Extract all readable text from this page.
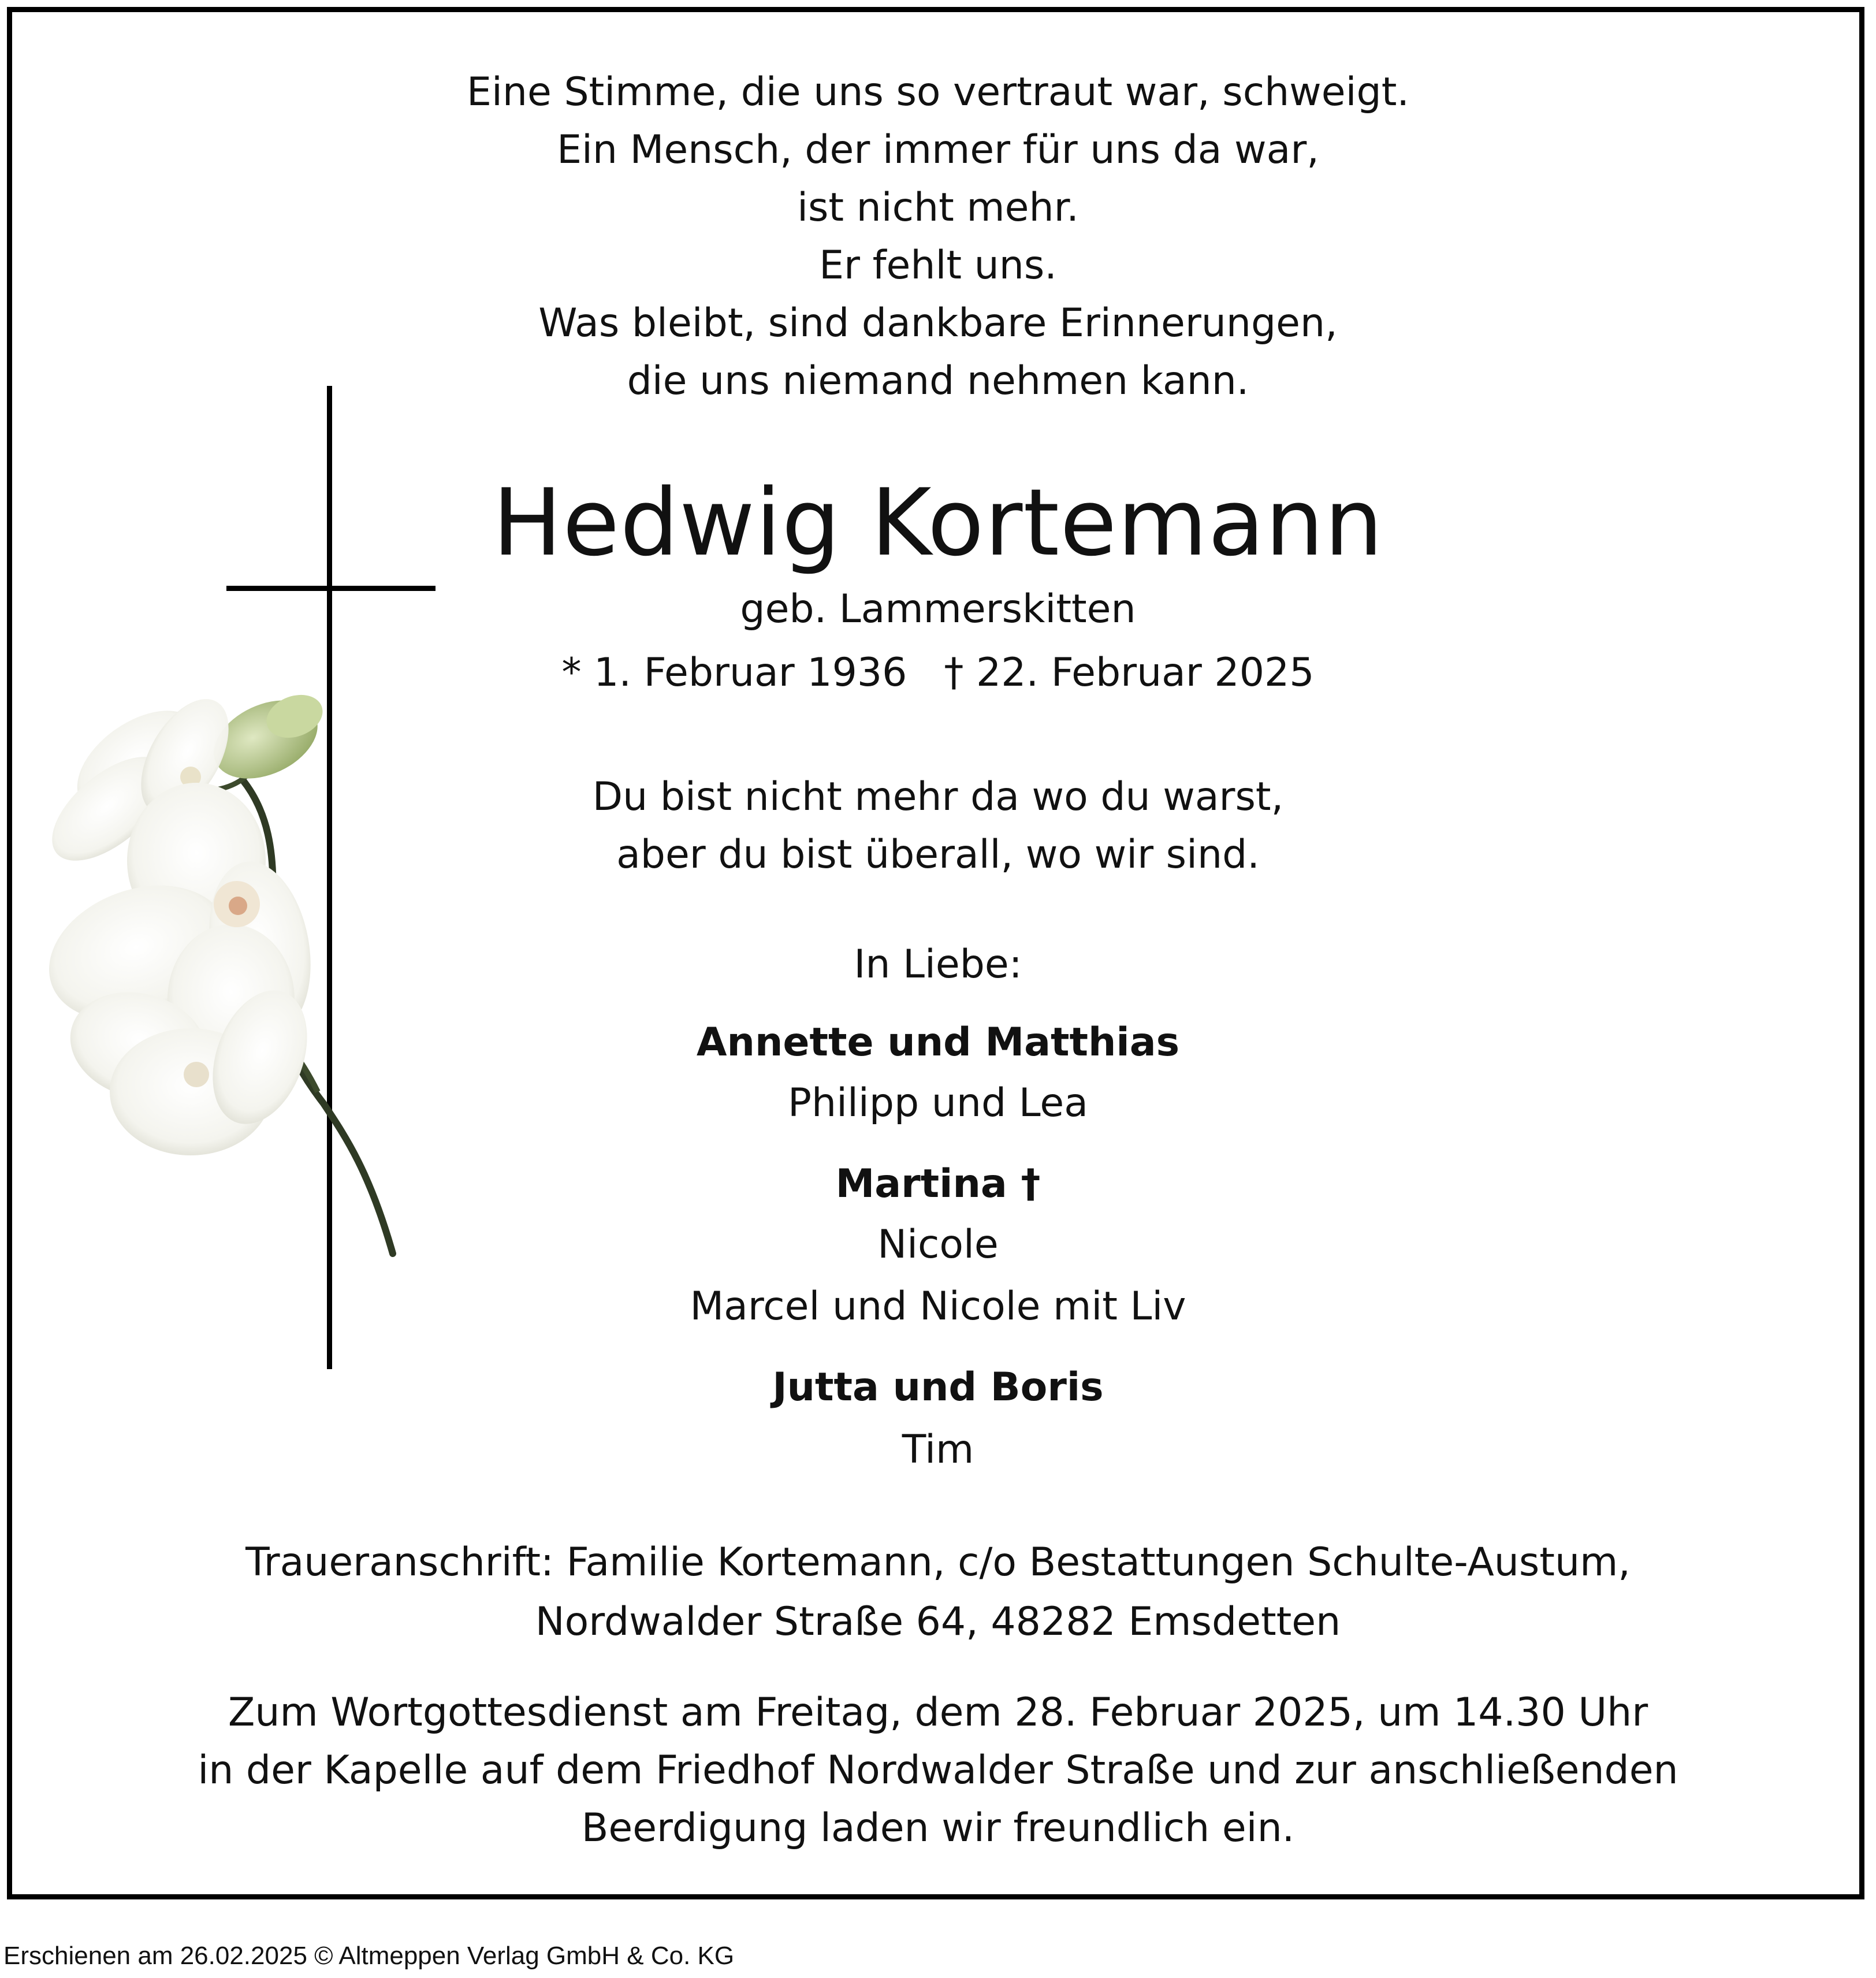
Eine Stimme, die uns so vertraut war, schweigt.
Ein Mensch, der immer für uns da war,
ist nicht mehr.
Er fehlt uns.
Was bleibt, sind dankbare Erinnerungen,
die uns niemand nehmen kann.
Hedwig Kortemann
geb. Lammerskitten
* 1. Februar 1936 † 22. Februar 2025
Du bist nicht mehr da wo du warst,
aber du bist überall, wo wir sind.
In Liebe:
Annette und Matthias
Philipp und Lea
Martina †
Nicole
Marcel und Nicole mit Liv
Jutta und Boris
Tim
Traueranschrift: Familie Kortemann, c/o Bestattungen Schulte-Austum,
Nordwalder Straße 64, 48282 Emsdetten
Zum Wortgottesdienst am Freitag, dem 28. Februar 2025, um 14.30 Uhr
in der Kapelle auf dem Friedhof Nordwalder Straße und zur anschließenden
Beerdigung laden wir freundlich ein.
Erschienen am 26.02.2025 © Altmeppen Verlag GmbH & Co. KG
